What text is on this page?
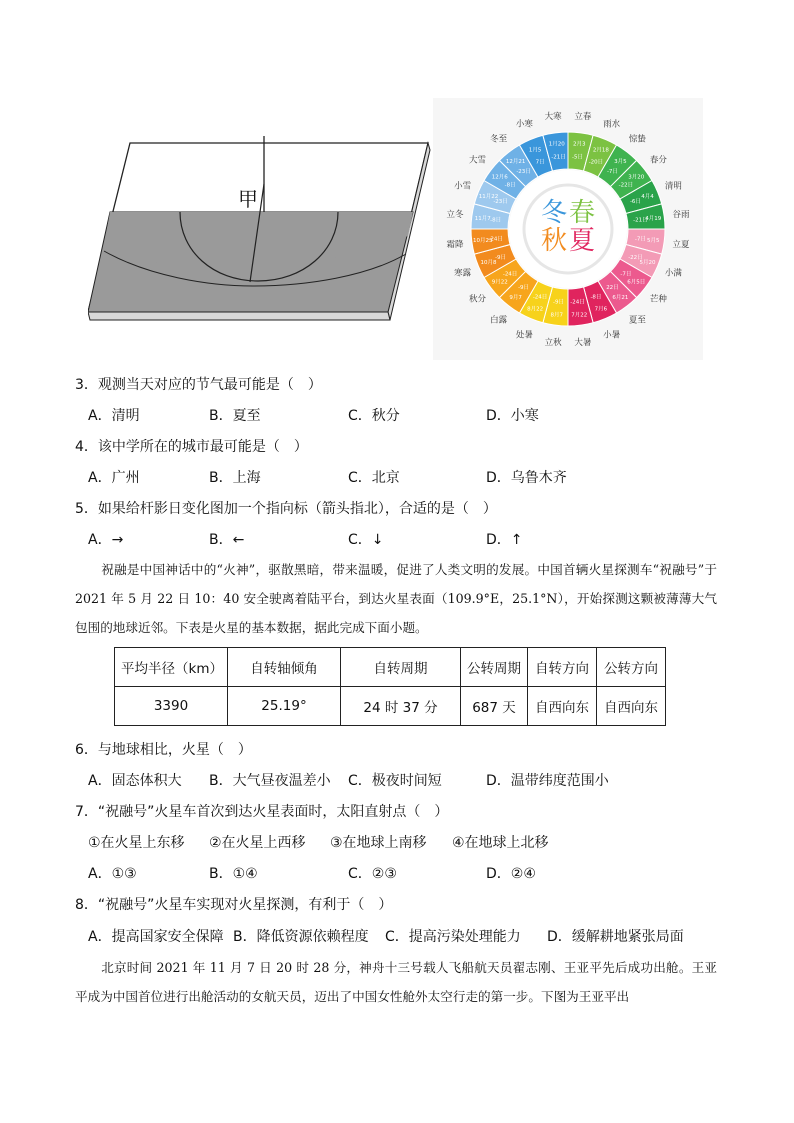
甲
2月3
-5日
立春
2月18
-20日
雨水
3月5
-7日
惊蛰
3月20
-22日
春分
4月4
-6日
清明
4月19
-21日
谷雨
5月5
-7日
立夏
5月20
-22日
小满
6月5日
-7日
芒种
6月21
22日
夏至
7月6
-8日
小暑
7月22
-24日
大暑
8月7
-9日
立秋
8月22
-24日
处暑
9月7
-9日
白露
9月22
-24日
秋分
10月8
-9日
寒露
10月23
-24日
霜降
11月7 -8日
立冬
11月22
-23日
小雪
12月6
-8日
大雪	12月21
-23日
冬至
1月5
7日
小寒
1月20
-21日
大寒
冬 春
秋 夏
3．观测当天对应的节气最可能是（　）
A．清明	B．夏至	C．秋分	D．小寒
4．该中学所在的城市最可能是（　）
A．广州	B．上海	C．北京	D．乌鲁木齐
5．如果给杆影日变化图加一个指向标（箭头指北），合适的是（　）
A．→	B．←	C．↓	D．↑
祝融是中国神话中的“火神”，驱散黑暗，带来温暖，促进了人类文明的发展。中国首辆火星探测车“祝融号”于 2021 年 5 月 22 日 10：40 安全驶离着陆平台，到达火星表面（109.9°E，25.1°N），开始探测这颗被薄薄大气包围的地球近邻。下表是火星的基本数据，据此完成下面小题。
平均半径（km）	自转轴倾角	自转周期	公转周期	自转方向	公转方向
3390	25.19°	24 时 37 分	687 天	自西向东	自西向东
6．与地球相比，火星（　）
A．固态体积大 B．大气昼夜温差小 C．极夜时间短	D．温带纬度范围小
7．“祝融号”火星车首次到达火星表面时，太阳直射点（　）
①在火星上东移 ②在火星上西移 ③在地球上南移 ④在地球上北移
A．①③	B．①④	C．②③	D．②④
8．“祝融号”火星车实现对火星探测，有利于（　）
A．提高国家安全保障 B．降低资源依赖程度 C．提高污染处理能力 D．缓解耕地紧张局面
北京时间 2021 年 11 月 7 日 20 时 28 分，神舟十三号载人飞船航天员翟志刚、王亚平先后成功出舱。王亚平成为中国首位进行出舱活动的女航天员，迈出了中国女性舱外太空行走的第一步。下图为王亚平出
